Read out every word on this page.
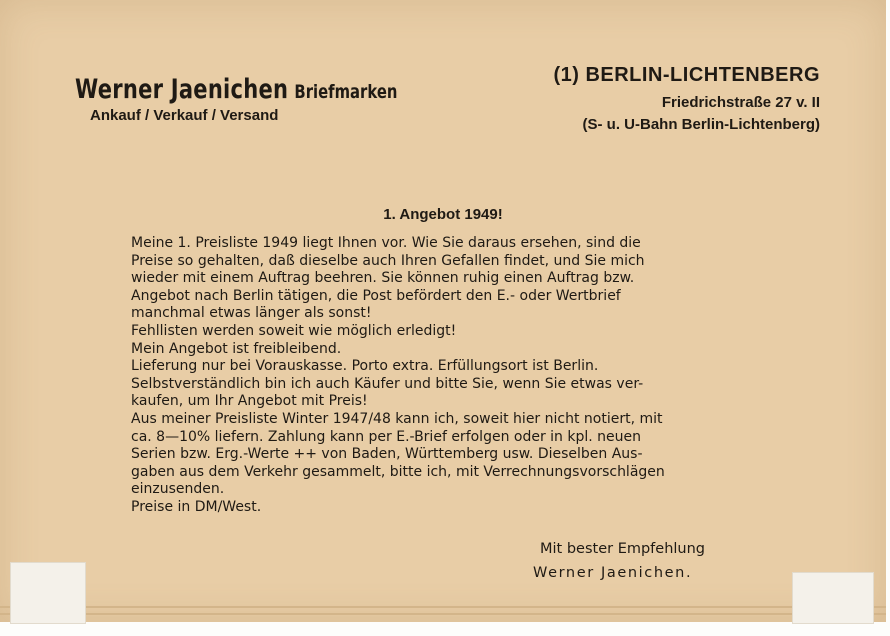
Werner Jaenichen Briefmarken
Ankauf / Verkauf / Versand
(1) BERLIN-LICHTENBERG
Friedrichstraße 27 v. II
(S- u. U-Bahn Berlin-Lichtenberg)
1. Angebot 1949!

Meine 1. Preisliste 1949 liegt Ihnen vor. Wie Sie daraus ersehen, sind die

Preise so gehalten, daß dieselbe auch Ihren Gefallen findet, und Sie mich

wieder mit einem Auftrag beehren. Sie können ruhig einen Auftrag bzw.

Angebot nach Berlin tätigen, die Post befördert den E.- oder Wertbrief

manchmal etwas länger als sonst!

Fehllisten werden soweit wie möglich erledigt!

Mein Angebot ist freibleibend.

Lieferung nur bei Vorauskasse. Porto extra. Erfüllungsort ist Berlin.

Selbstverständlich bin ich auch Käufer und bitte Sie, wenn Sie etwas ver-

kaufen, um Ihr Angebot mit Preis!

Aus meiner Preisliste Winter 1947/48 kann ich, soweit hier nicht notiert, mit

ca. 8—10% liefern. Zahlung kann per E.-Brief erfolgen oder in kpl. neuen

Serien bzw. Erg.-Werte ++ von Baden, Württemberg usw. Dieselben Aus-

gaben aus dem Verkehr gesammelt, bitte ich, mit Verrechnungsvorschlägen

einzusenden.

Preise in DM/West.

Mit bester Empfehlung
Werner Jaenichen.
